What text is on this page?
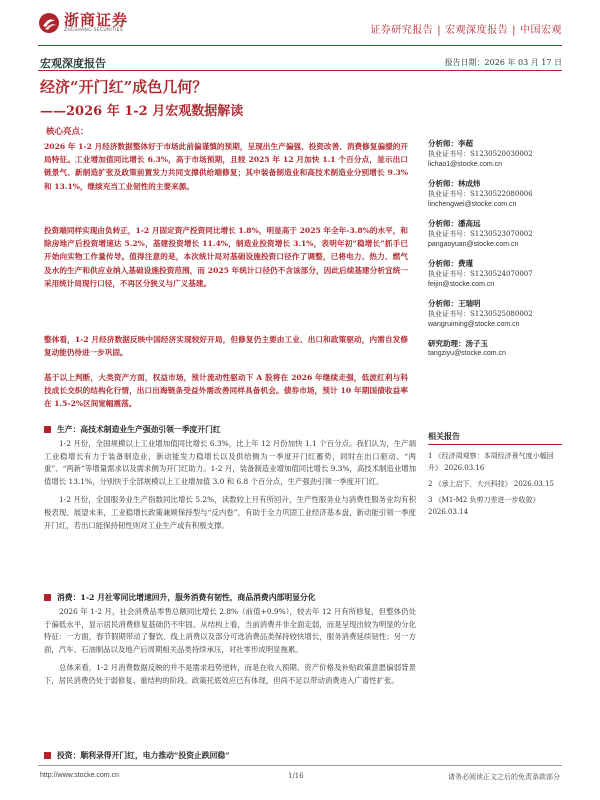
浙商证券
ZHESHANG SECURITIES	证券研究报告 | 宏观深度报告 | 中国宏观
宏观深度报告	报告日期：2026 年 03 月 17 日
经济“开门红”成色几何？
——2026 年 1-2 月宏观数据解读
核心亮点：

2026 年 1-2 月经济数据整体好于市场此前偏谨慎的预期，呈现出生产偏强、投资改善、消费修复偏缓的开局特征。工业增加值同比增长 6.3%，高于市场预期，且较 2025 年 12 月加快 1.1 个百分点，显示出口链景气、新制造扩张及政策前置发力共同支撑供给端修复；其中装备制造业和高技术制造业分别增长 9.3%和 13.1%，继续充当工业韧性的主要来源。

投资端同样实现由负转正，1-2 月固定资产投资同比增长 1.8%，明显高于 2025 年全年-3.8%的水平，和除房地产后投资增速达 5.2%，基建投资增长 11.4%，制造业投资增长 3.1%，表明年初“稳增长”抓手已开始向实物工作量传导。值得注意的是，本次统计局对基础设施投资口径作了调整，已将电力、热力、燃气及水的生产和供应业纳入基础设施投资范围，而 2025 年统计口径仍不含该部分，因此后续基建分析宜统一采用统计局现行口径，不再区分狭义与广义基建。

整体看，1-2 月经济数据反映中国经济实现较好开局，但修复仍主要由工业、出口和政策驱动，内需自发修复动能仍待进一步巩固。

基于以上判断，大类资产方面，权益市场，预计流动性驱动下 A 股将在 2026 年继续走强，低波红利与科技成长交织的结构化行情，出口出海链条受益外需改善同样具备机会。债券市场，预计 10 年期国债收益率在 1.5-2%区间宽幅震荡。

生产：高技术制造业生产强劲引领一季度开门红

1-2 月份，全国规模以上工业增加值同比增长 6.3%，比上年 12 月份加快 1.1 个百分点。我们认为，生产端工业稳增长有力于装备制造业，新动能发力稳增长以及供给侧为一季度开门红蓄势，同时在出口驱动、“两重”、“两新”等增量需求以及需求侧为开门红助力。1-2 月，装备制造业增加值同比增长 9.3%，高技术制造业增加值增长 13.1%，分别快于全部规模以上工业增加值 3.0 和 6.8 个百分点，生产强劲引领一季度开门红。

1-2 月份，全国服务业生产指数同比增长 5.2%，读数较上月有所回升，生产性服务业与消费性服务业均有积极表现。展望未来，工业稳增长政策兼顾保持型与“反内卷”，有助于全力巩固工业经济基本盘，新动能引领一季度开门红，若出口能保持韧性则对工业生产或有积极支撑。

消费：1-2 月社零同比增速回升，服务消费有韧性，商品消费内部明显分化

2026 年 1-2 月，社会消费品零售总额同比增长 2.8%（前值+0.9%），较去年 12 月有所修复，但整体仍处于偏低水平，显示居民消费修复基础仍不牢固。从结构上看，当前消费并非全面走弱，而是呈现出较为明显的分化特征：一方面，春节假期带动了餐饮、线上消费以及部分可选消费品类保持较快增长，服务消费延续韧性；另一方面，汽车、石油制品以及地产后周期相关品类持续承压，对社零形成明显拖累。

总体来看，1-2 月消费数据反映的并不是需求趋势逆转，而是在收入预期、资产价格及补贴政策意愿偏弱背景下，居民消费仍处于弱修复、重结构的阶段。政策托底效应已有体现，但尚不足以带动消费进入广谱性扩张。

投资：顺利录得开门红，电力推动“投资止跌回稳”
分析师：李超
执业证书号：S1230520030002
lichao1@stocke.com.cn
分析师：林成炜
执业证书号：S1230522080006
linchengwei@stocke.com.cn
分析师：潘高远
执业证书号：S1230523070002
pangaoyuan@stocke.com.cn
分析师：费瑾
执业证书号：S1230524070007
feijin@stocke.com.cn
分析师：王瑞明
执业证书号：S1230525080002
wangruiming@stocke.com.cn
研究助理：汤子玉
tangziyu@stocke.com.cn
相关报告
1 《经济周观察：本周经济景气度小幅回升》 2026.03.16
2 《承上启下，大兴科技》 2026.03.15
3 《M1-M2 负剪刀差进一步收敛》 2026.03.14
http://www.stocke.com.cn	1/16	请务必阅读正文之后的免责条款部分
